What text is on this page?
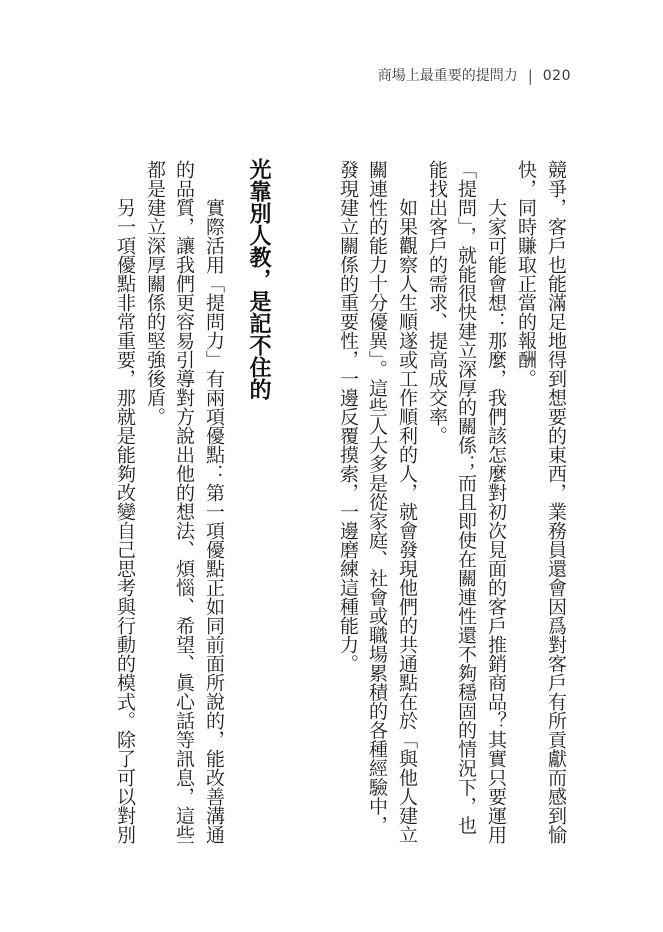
商場上最重要的提問力 | 020
競爭，客戶也能滿足地得到想要的東西，業務員還會因爲對客戶有所貢獻而感到愉
快，同時賺取正當的報酬。
大家可能會想：那麼，我們該怎麼對初次見面的客戶推銷商品？其實只要運用
「提問」，就能很快建立深厚的關係；而且即使在關連性還不夠穩固的情況下，也
能找出客戶的需求、提高成交率。
如果觀察人生順遂或工作順利的人，就會發現他們的共通點在於「與他人建立
關連性的能力十分優異」。這些人大多是從家庭、社會或職場累積的各種經驗中，
發現建立關係的重要性，一邊反覆摸索，一邊磨練這種能力。
光靠別人教，是記不住的
實際活用「提問力」有兩項優點：第一項優點正如同前面所說的，能改善溝通
的品質，讓我們更容易引導對方說出他的想法、煩惱、希望、眞心話等訊息，這些
都是建立深厚關係的堅強後盾。
另一項優點非常重要，那就是能夠改變自己思考與行動的模式。除了可以對別
